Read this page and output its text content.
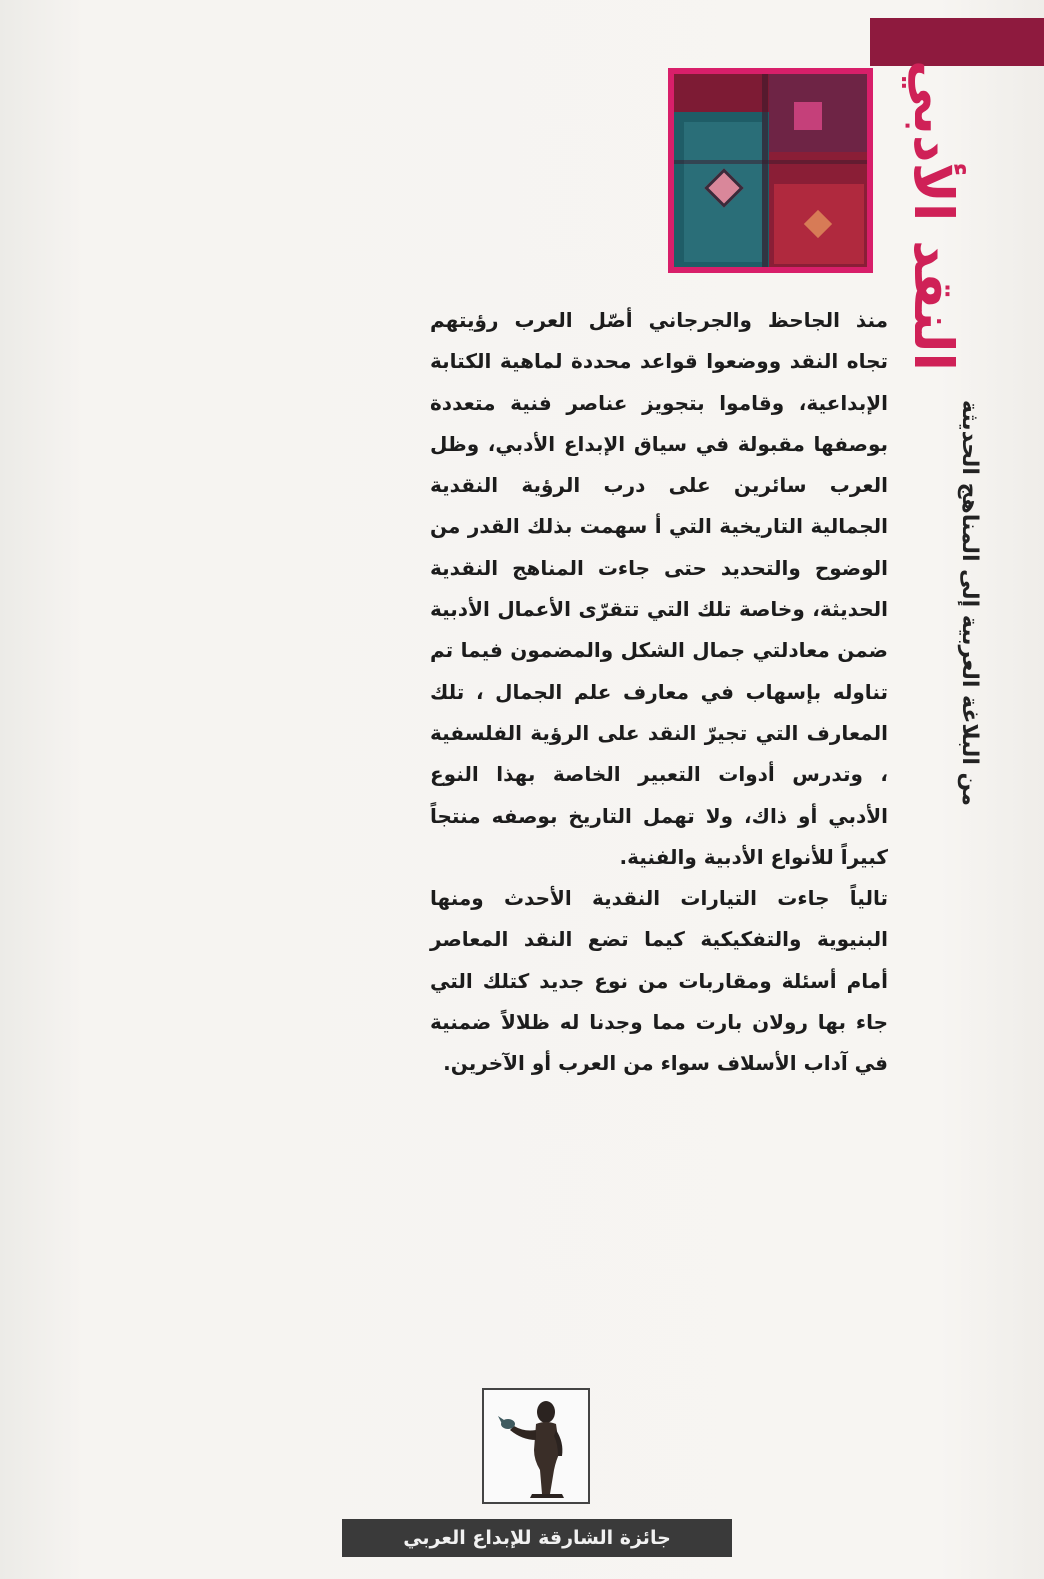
النقد الأدبي
من البلاغة العربية إلى المناهج الحديثة

منذ الجاحظ والجرجاني أصّل العرب رؤيتهم تجاه النقد ووضعوا قواعد محددة لماهية الكتابة الإبداعية، وقاموا بتجويز عناصر فنية متعددة بوصفها مقبولة في سياق الإبداع الأدبي، وظل العرب سائرين على درب الرؤية النقدية الجمالية التاريخية التي أ سهمت بذلك القدر من الوضوح والتحديد حتى جاءت المناهج النقدية الحديثة، وخاصة تلك التي تتقرّى الأعمال الأدبية ضمن معادلتي جمال الشكل والمضمون فيما تم تناوله بإسهاب في معارف علم الجمال ، تلك المعارف التي تجيرّ النقد على الرؤية الفلسفية ، وتدرس أدوات التعبير الخاصة بهذا النوع الأدبي أو ذاك، ولا تهمل التاريخ بوصفه منتجاً كبيراً للأنواع الأدبية والفنية.

تالياً جاءت التيارات النقدية الأحدث ومنها البنيوية والتفكيكية كيما تضع النقد المعاصر أمام أسئلة ومقاربات من نوع جديد كتلك التي جاء بها رولان بارت مما وجدنا له ظلالاً ضمنية في آداب الأسلاف سواء من العرب أو الآخرين.

جائزة الشارقة للإبداع العربي
